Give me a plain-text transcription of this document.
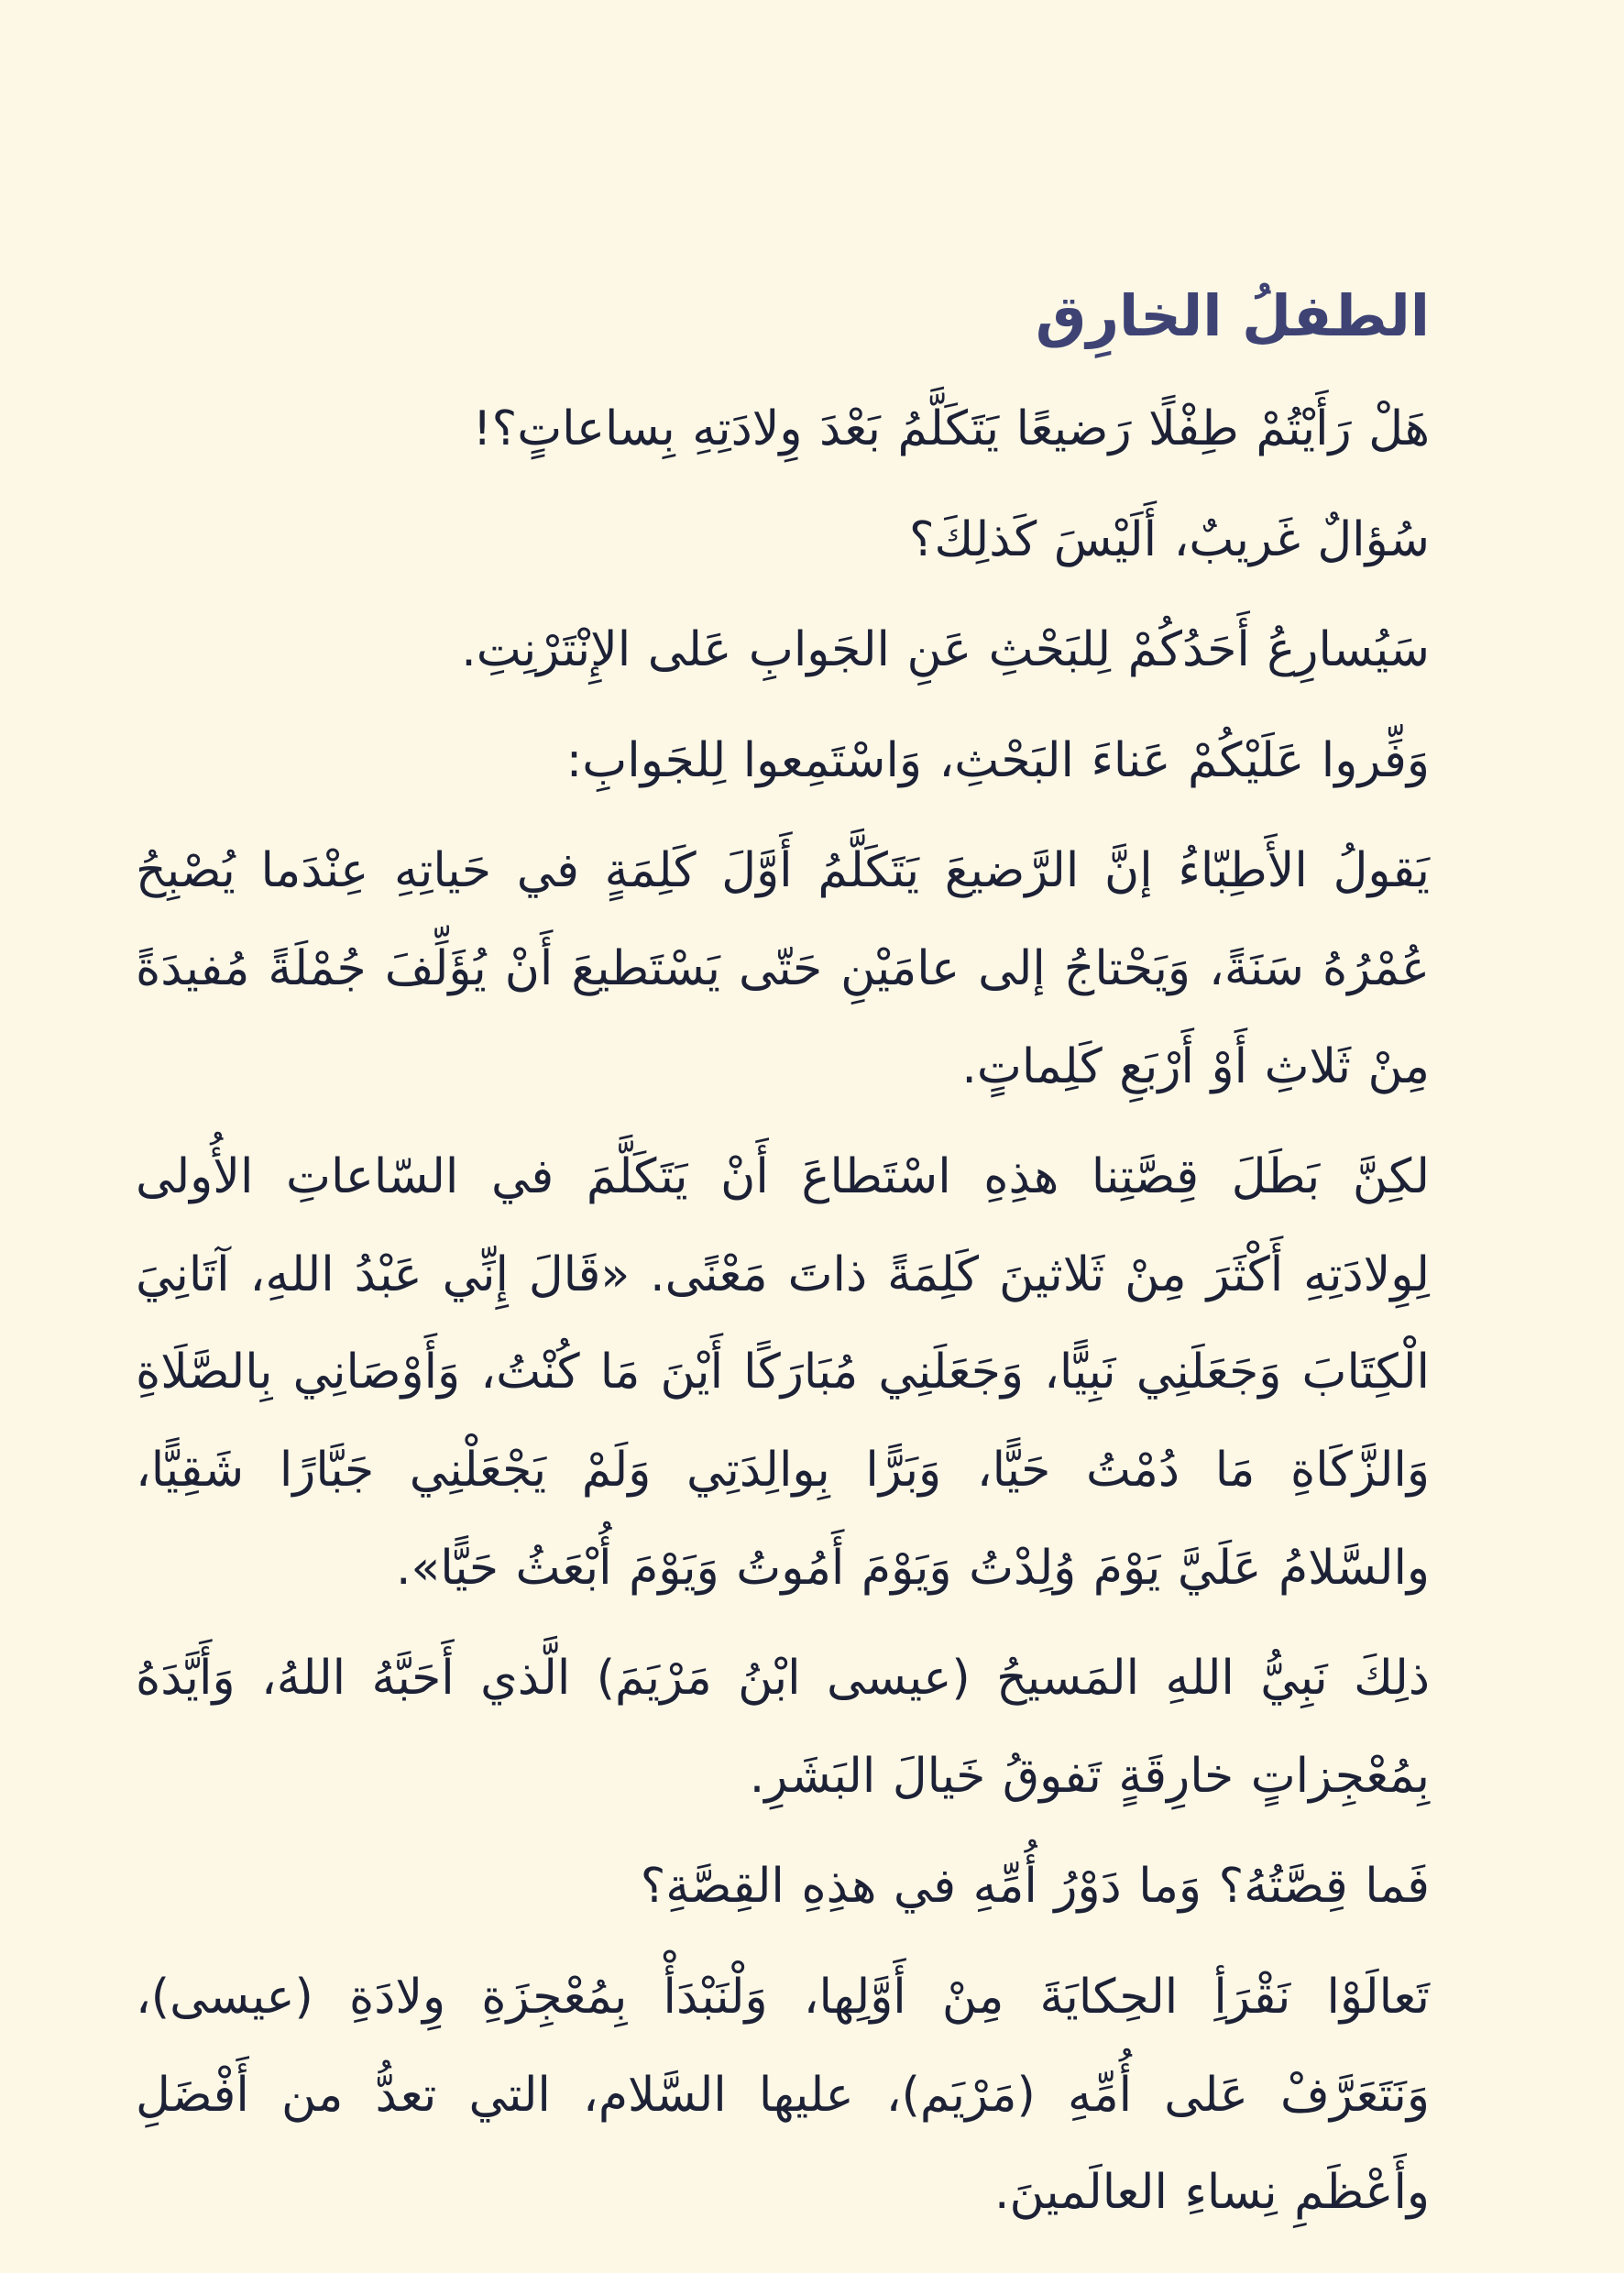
الطفلُ الخارِق

هَلْ رَأَيْتُمْ طِفْلًا رَضيعًا يَتَكَلَّمُ بَعْدَ وِلادَتِهِ بِساعاتٍ؟!

سُؤالٌ غَريبٌ، أَلَيْسَ كَذلِكَ؟

سَيُسارِعُ أَحَدُكُمْ لِلبَحْثِ عَنِ الجَوابِ عَلى الإِنْتَرْنِتِ.

وَفِّروا عَلَيْكُمْ عَناءَ البَحْثِ، وَاسْتَمِعوا لِلجَوابِ:

يَقولُ الأَطِبّاءُ إنَّ الرَّضيعَ يَتَكَلَّمُ أَوَّلَ كَلِمَةٍ في حَياتِهِ عِنْدَما يُصْبِحُ عُمْرُهُ سَنَةً، وَيَحْتاجُ إلى عامَيْنِ حَتّى يَسْتَطيعَ أَنْ يُؤَلِّفَ جُمْلَةً مُفيدَةً مِنْ ثَلاثِ أَوْ أَرْبَعِ كَلِماتٍ.

لكِنَّ بَطَلَ قِصَّتِنا هذِهِ اسْتَطاعَ أَنْ يَتَكَلَّمَ في السّاعاتِ الأُولى لِوِلادَتِهِ أَكْثَرَ مِنْ ثَلاثينَ كَلِمَةً ذاتَ مَعْنًى. «قَالَ إِنِّي عَبْدُ اللهِ، آتَانِيَ الْكِتَابَ وَجَعَلَنِي نَبِيًّا، وَجَعَلَنِي مُبَارَكًا أَيْنَ مَا كُنْتُ، وَأَوْصَانِي بِالصَّلَاةِ وَالزَّكَاةِ مَا دُمْتُ حَيًّا، وَبَرًّا بِوالِدَتِي وَلَمْ يَجْعَلْنِي جَبَّارًا شَقِيًّا، والسَّلامُ عَلَيَّ يَوْمَ وُلِدْتُ وَيَوْمَ أَمُوتُ وَيَوْمَ أُبْعَثُ حَيًّا».

ذلِكَ نَبِيُّ اللهِ المَسيحُ (عيسى ابْنُ مَرْيَمَ) الَّذي أَحَبَّهُ اللهُ، وَأَيَّدَهُ بِمُعْجِزاتٍ خارِقَةٍ تَفوقُ خَيالَ البَشَرِ.

فَما قِصَّتُهُ؟ وَما دَوْرُ أُمِّهِ في هذِهِ القِصَّةِ؟

تَعالَوْا نَقْرَأِ الحِكايَةَ مِنْ أَوَّلِها، وَلْنَبْدَأْ بِمُعْجِزَةِ وِلادَةِ (عيسى)، وَنَتَعَرَّفْ عَلى أُمِّهِ (مَرْيَم)، عليها السَّلام، التي تعدُّ من أَفْضَلِ وأَعْظَمِ نِساءِ العالَمينَ.
